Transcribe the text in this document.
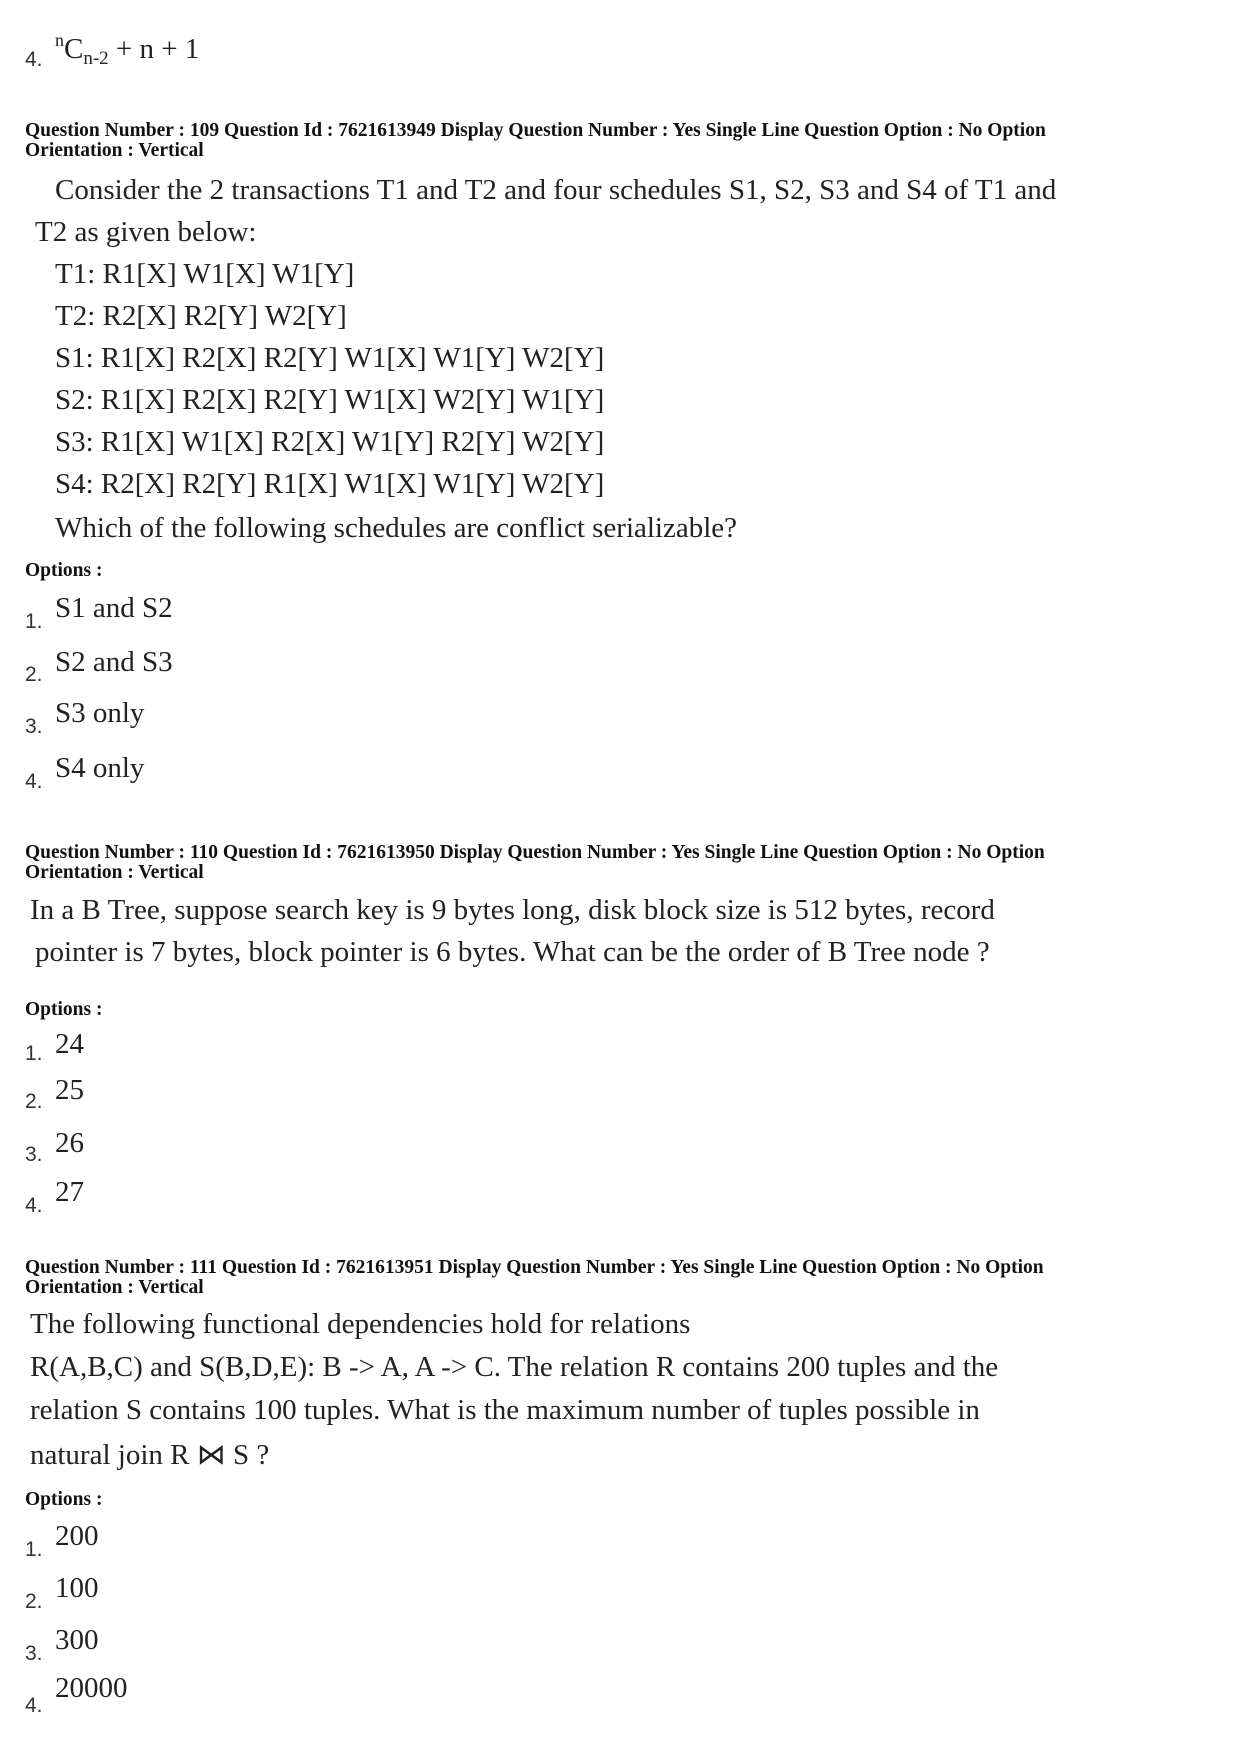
4.
$^nC_{n-2} + n + 1$
Question Number : 109 Question Id : 7621613949 Display Question Number : Yes Single Line Question Option : No Option
Orientation : Vertical
Consider the 2 transactions T1 and T2 and four schedules S1, S2, S3 and S4 of T1 and
T2 as given below:
T1: R1[X] W1[X] W1[Y]
T2: R2[X] R2[Y] W2[Y]
S1: R1[X] R2[X] R2[Y] W1[X] W1[Y] W2[Y]
S2: R1[X] R2[X] R2[Y] W1[X] W2[Y] W1[Y]
S3: R1[X] W1[X] R2[X] W1[Y] R2[Y] W2[Y]
S4: R2[X] R2[Y] R1[X] W1[X] W1[Y] W2[Y]
Which of the following schedules are conflict serializable?
Options :
1. S1 and S2
2. S2 and S3
3. S3 only
4. S4 only
Question Number : 110 Question Id : 7621613950 Display Question Number : Yes Single Line Question Option : No Option
Orientation : Vertical
In a B Tree, suppose search key is 9 bytes long, disk block size is 512 bytes, record
pointer is 7 bytes, block pointer is 6 bytes. What can be the order of B Tree node ?
Options :
1. 24
2. 25
3. 26
4. 27
Question Number : 111 Question Id : 7621613951 Display Question Number : Yes Single Line Question Option : No Option
Orientation : Vertical
The following functional dependencies hold for relations
R(A,B,C) and S(B,D,E): B -> A, A -> C. The relation R contains 200 tuples and the
relation S contains 100 tuples. What is the maximum number of tuples possible in
natural join R ⋈ S ?
Options :
1. 200
2. 100
3. 300
4.
20000
